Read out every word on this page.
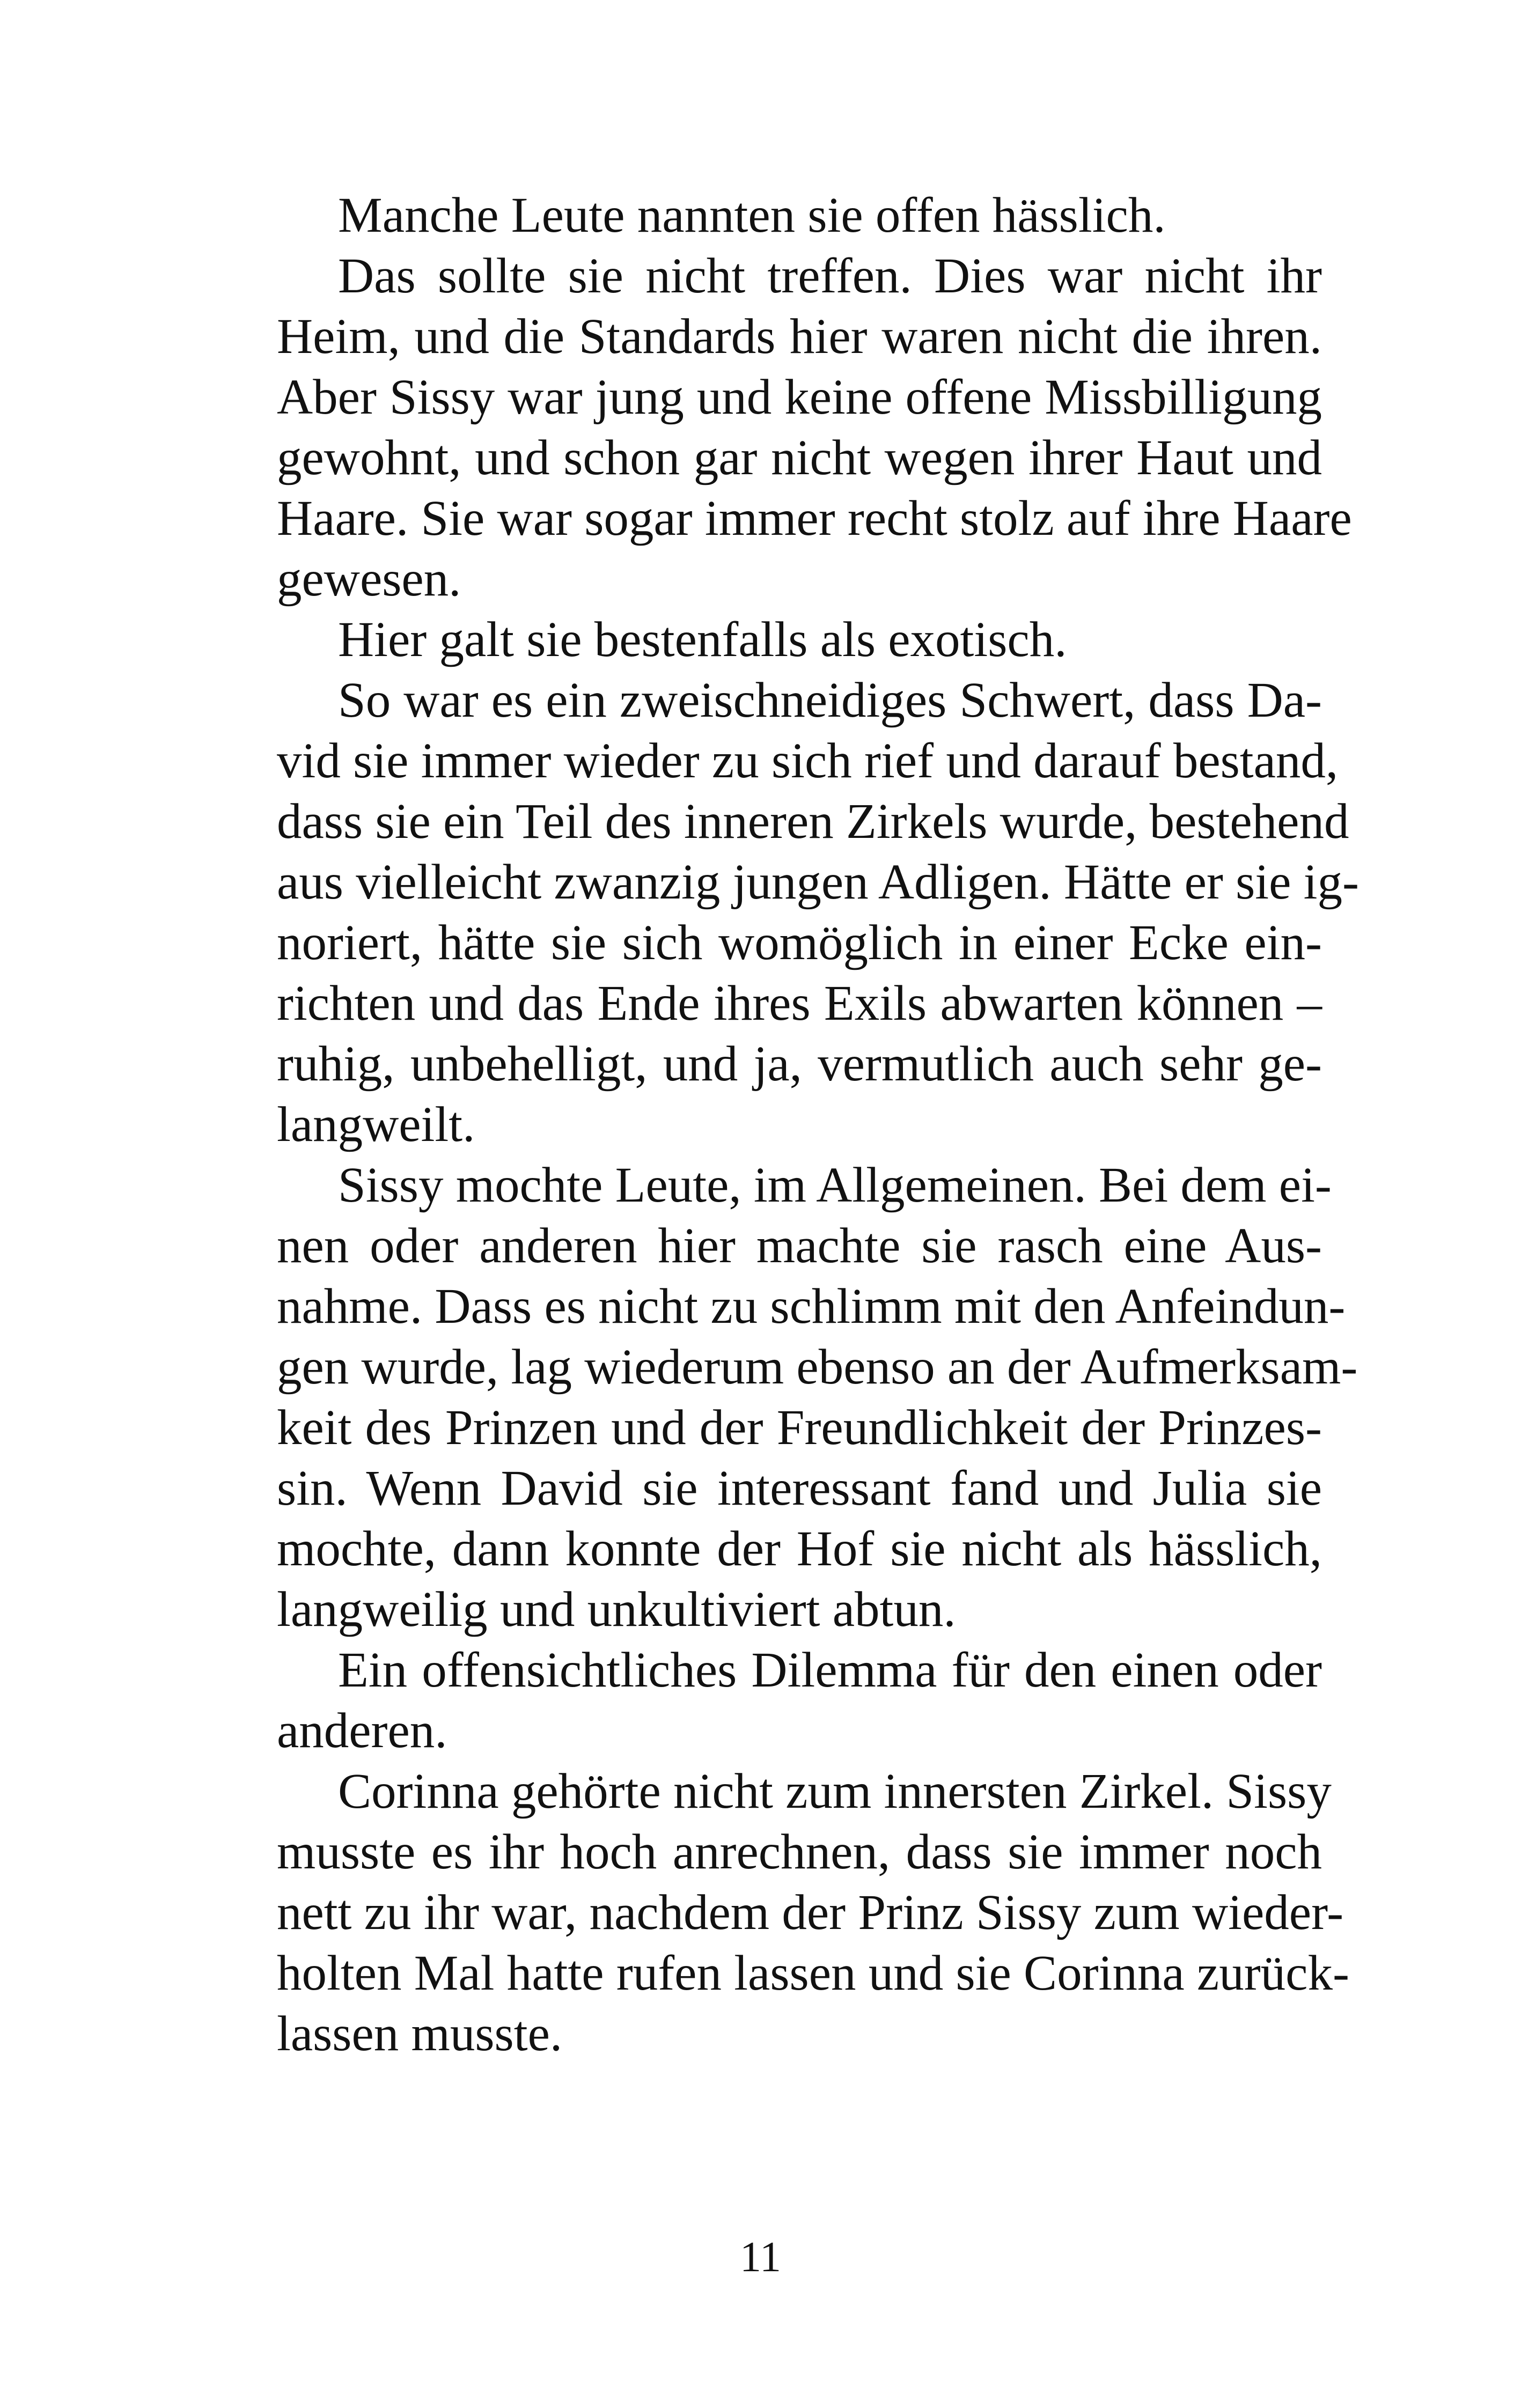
Manche Leute nannten sie offen hässlich.
Das sollte sie nicht treffen. Dies war nicht ihr
Heim, und die Standards hier waren nicht die ihren.
Aber Sissy war jung und keine offene Missbilligung
gewohnt, und schon gar nicht wegen ihrer Haut und
Haare. Sie war sogar immer recht stolz auf ihre Haare
gewesen.
Hier galt sie bestenfalls als exotisch.
So war es ein zweischneidiges Schwert, dass Da-
vid sie immer wieder zu sich rief und darauf bestand,
dass sie ein Teil des inneren Zirkels wurde, bestehend
aus vielleicht zwanzig jungen Adligen. Hätte er sie ig-
noriert, hätte sie sich womöglich in einer Ecke ein-
richten und das Ende ihres Exils abwarten können –
ruhig, unbehelligt, und ja, vermutlich auch sehr ge-
langweilt.
Sissy mochte Leute, im Allgemeinen. Bei dem ei-
nen oder anderen hier machte sie rasch eine Aus-
nahme. Dass es nicht zu schlimm mit den Anfeindun-
gen wurde, lag wiederum ebenso an der Aufmerksam-
keit des Prinzen und der Freundlichkeit der Prinzes-
sin. Wenn David sie interessant fand und Julia sie
mochte, dann konnte der Hof sie nicht als hässlich,
langweilig und unkultiviert abtun.
Ein offensichtliches Dilemma für den einen oder
anderen.
Corinna gehörte nicht zum innersten Zirkel. Sissy
musste es ihr hoch anrechnen, dass sie immer noch
nett zu ihr war, nachdem der Prinz Sissy zum wieder-
holten Mal hatte rufen lassen und sie Corinna zurück-
lassen musste.
11
